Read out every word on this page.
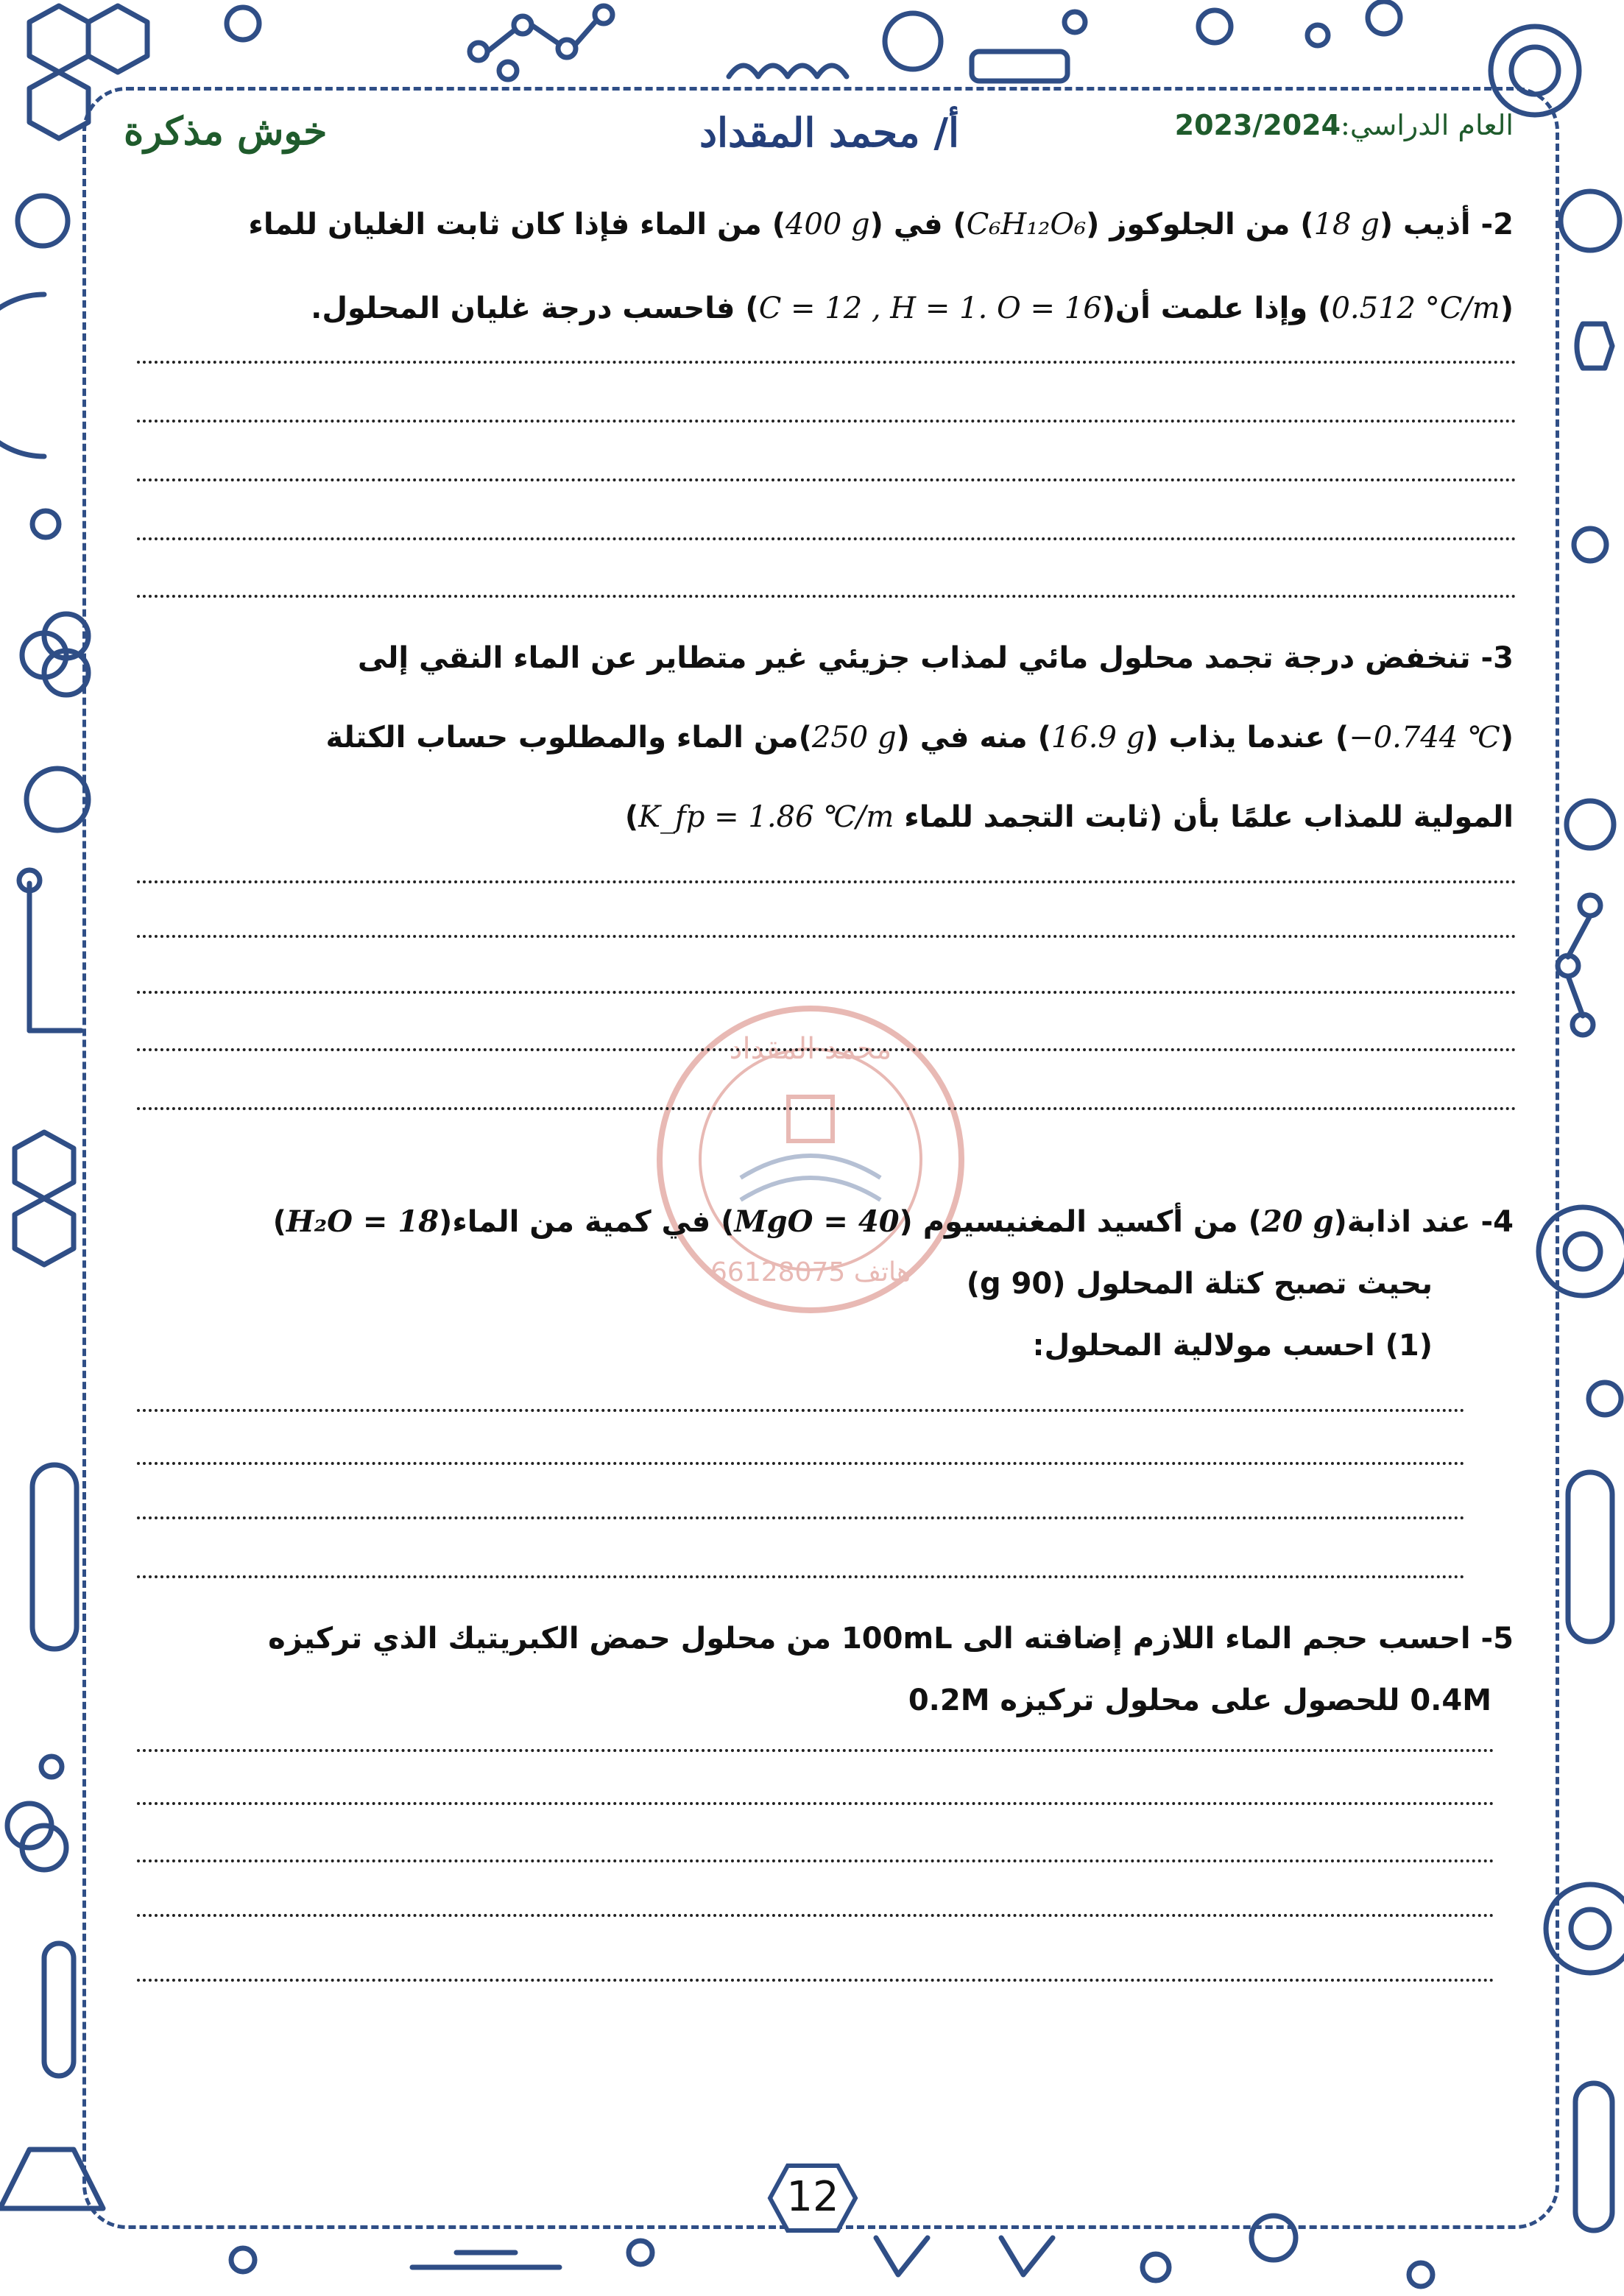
العام الدراسي:2023/2024
أ/ محمد المقداد
خوش مذكرة
محمد المقداد
هاتف 66128075
2- أذيب (18 g) من الجلوكوز (C₆H₁₂O₆) في (400 g) من الماء فإذا كان ثابت الغليان للماء
(0.512 °C/m) وإذا علمت أن(C = 12 , H = 1. O = 16) فاحسب درجة غليان المحلول.
3- تنخفض درجة تجمد محلول مائي لمذاب جزيئي غير متطاير عن الماء النقي إلى
(−0.744 ℃) عندما يذاب (16.9 g) منه في (250 g)من الماء والمطلوب حساب الكتلة
المولية للمذاب علمًا بأن (ثابت التجمد للماء K_fp = 1.86 ℃/m)
4- عند اذابة(20 g) من أكسيد المغنيسيوم (MgO = 40) في كمية من الماء(H₂O = 18)
بحيث تصبح كتلة المحلول (90 g)
(1) احسب مولالية المحلول:
5- احسب حجم الماء اللازم إضافته الى 100mL من محلول حمض الكبريتيك الذي تركيزه
0.4M للحصول على محلول تركيزه 0.2M
12
